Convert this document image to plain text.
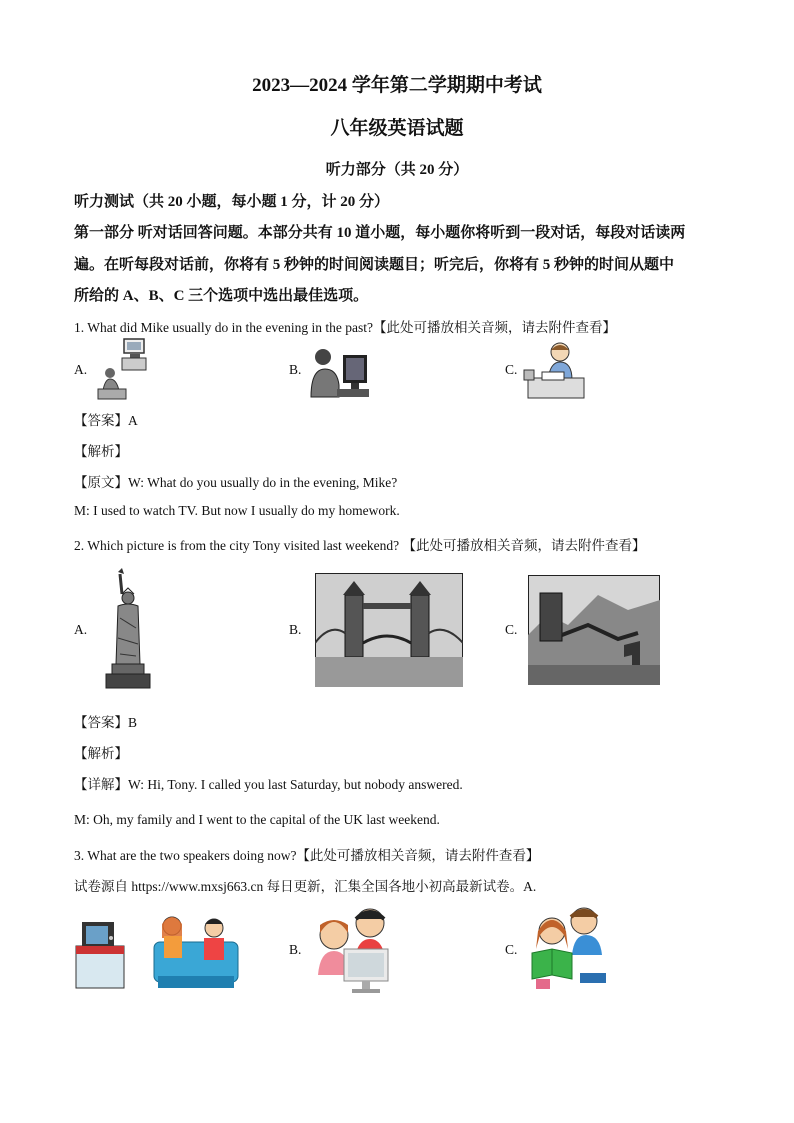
2023—2024 学年第二学期期中考试
八年级英语试题
听力部分（共 20 分）
听力测试（共 20 小题，每小题 1 分，计 20 分）
第一部分 听对话回答问题。本部分共有 10 道小题，每小题你将听到一段对话，每段对话读两
遍。在听每段对话前，你将有 5 秒钟的时间阅读题目；听完后，你将有 5 秒钟的时间从题中
所给的 A、B、C 三个选项中选出最佳选项。
1. What did Mike usually do in the evening in the past?【此处可播放相关音频，请去附件查看】
A.	B.	C.
【答案】A
【解析】
【原文】W: What do you usually do in the evening, Mike?
M: I used to watch TV. But now I usually do my homework.
2. Which picture is from the city Tony visited last weekend? 【此处可播放相关音频，请去附件查看】
A.	B.	C.
【答案】B
【解析】
【详解】W: Hi, Tony. I called you last Saturday, but nobody answered.
M: Oh, my family and I went to the capital of the UK last weekend.
3. What are the two speakers doing now?【此处可播放相关音频，请去附件查看】
试卷源自 https://www.mxsj663.cn 每日更新，汇集全国各地小初高最新试卷。A.
B.	C.
